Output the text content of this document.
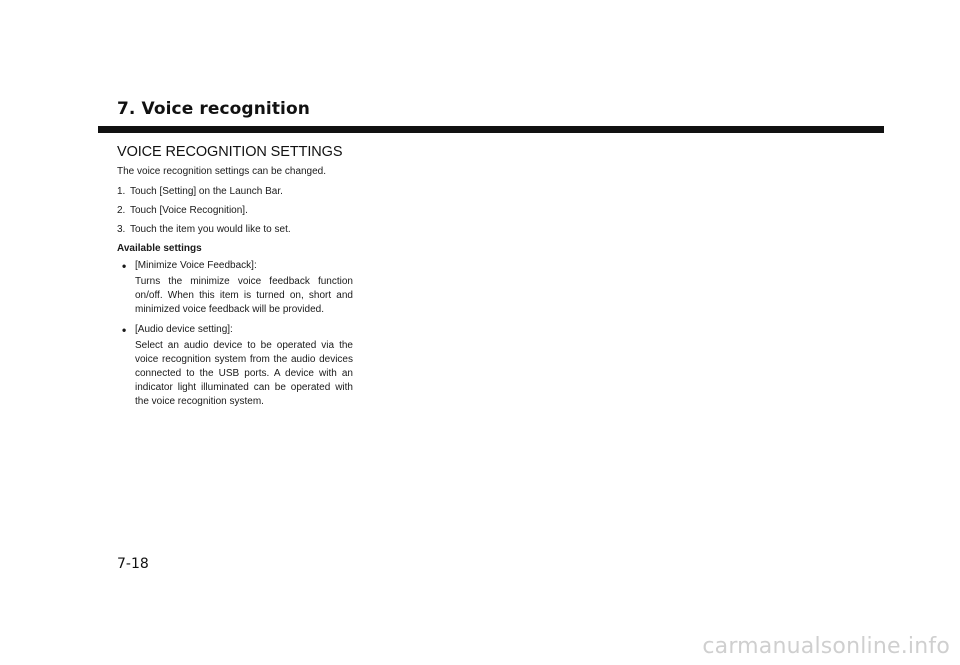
7. Voice recognition
VOICE RECOGNITION SETTINGS

The voice recognition settings can be changed.

1. Touch [Setting] on the Launch Bar.
2. Touch [Voice Recognition].
3. Touch the item you would like to set.
Available settings
• [Minimize Voice Feedback]:
Turns the minimize voice feedback function on/off. When this item is turned on, short and minimized voice feedback will be provided.
• [Audio device setting]:
Select an audio device to be operated via the voice recognition system from the audio devices connected to the USB ports. A device with an indicator light illuminated can be operated with the voice recognition system.
7-18
carmanualsonline.info
